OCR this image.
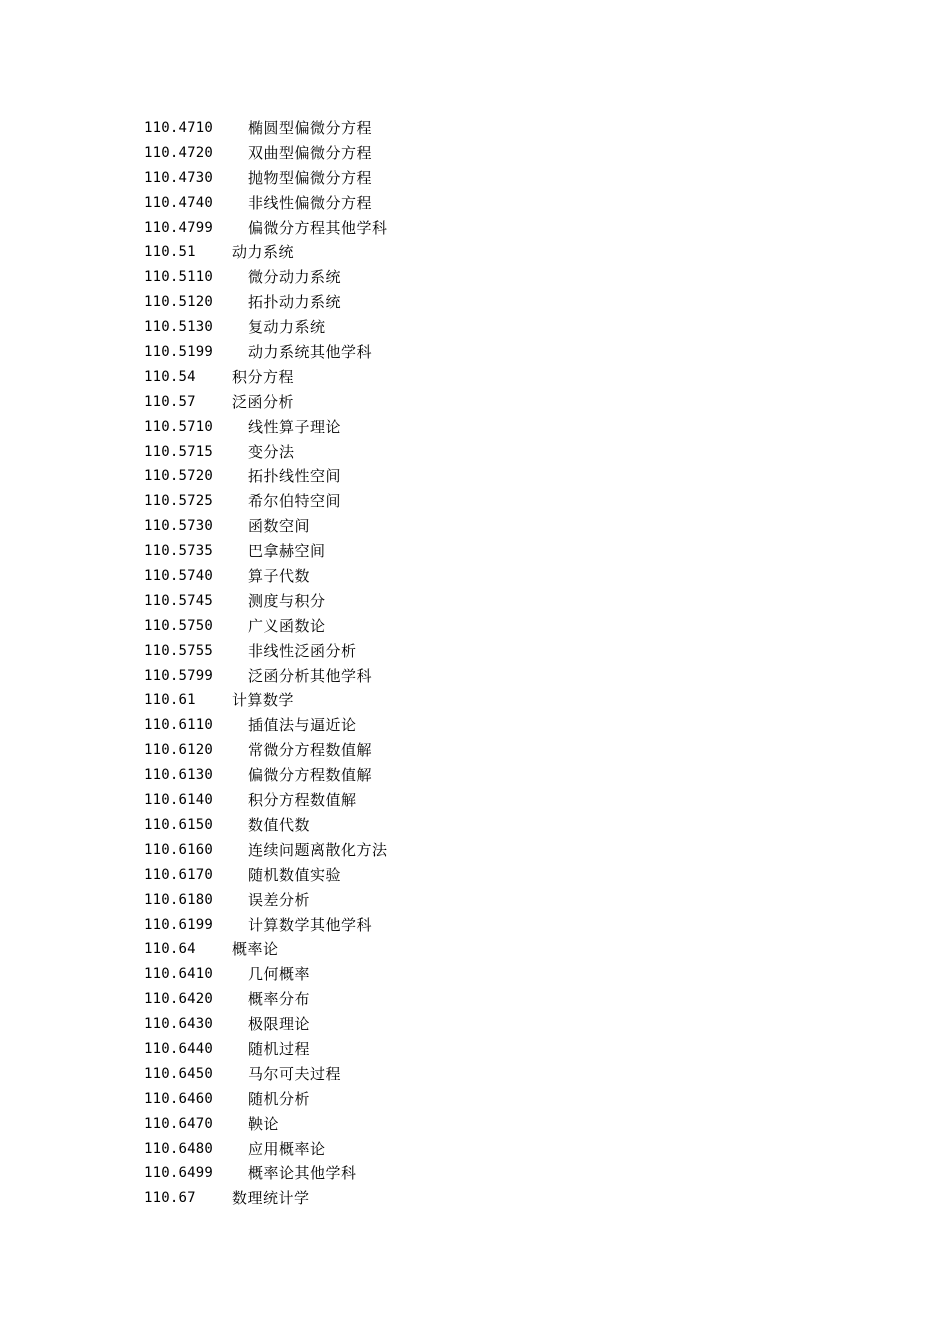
110.4710	椭圆型偏微分方程
110.4720	双曲型偏微分方程
110.4730	抛物型偏微分方程
110.4740	非线性偏微分方程
110.4799	偏微分方程其他学科
110.51	动力系统
110.5110	微分动力系统
110.5120	拓扑动力系统
110.5130	复动力系统
110.5199	动力系统其他学科
110.54	积分方程
110.57	泛函分析
110.5710	线性算子理论
110.5715	变分法
110.5720	拓扑线性空间
110.5725	希尔伯特空间
110.5730	函数空间
110.5735	巴拿赫空间
110.5740	算子代数
110.5745	测度与积分
110.5750	广义函数论
110.5755	非线性泛函分析
110.5799	泛函分析其他学科
110.61	计算数学
110.6110	插值法与逼近论
110.6120	常微分方程数值解
110.6130	偏微分方程数值解
110.6140	积分方程数值解
110.6150	数值代数
110.6160	连续问题离散化方法
110.6170	随机数值实验
110.6180	误差分析
110.6199	计算数学其他学科
110.64	概率论
110.6410	几何概率
110.6420	概率分布
110.6430	极限理论
110.6440	随机过程
110.6450	马尔可夫过程
110.6460	随机分析
110.6470	鞅论
110.6480	应用概率论
110.6499	概率论其他学科
110.67	数理统计学
